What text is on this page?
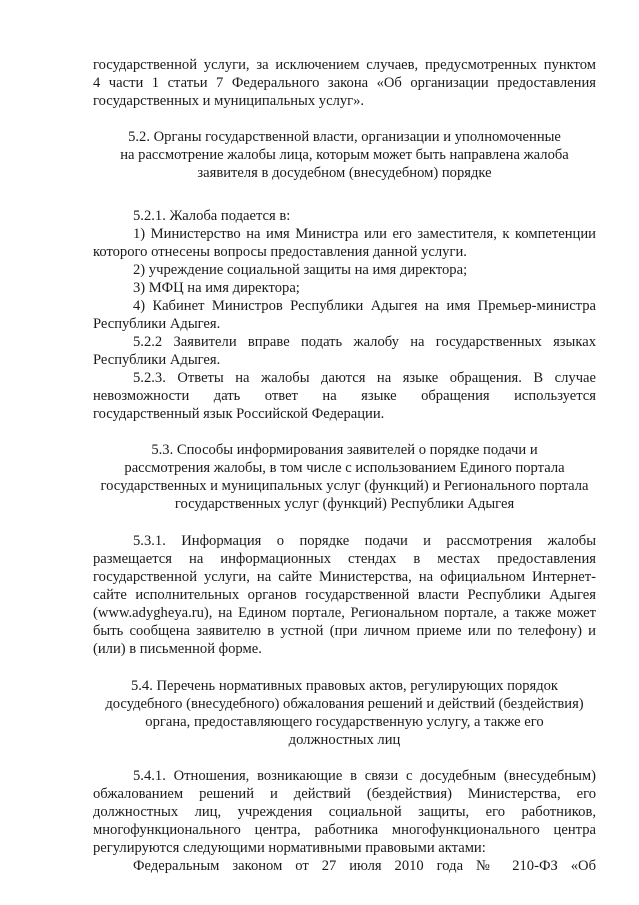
государственной услуги, за исключением случаев, предусмотренных пунктом
4 части 1 статьи 7 Федерального закона «Об организации предоставления
государственных и муниципальных услуг».
5.2. Органы государственной власти, организации и уполномоченные
на рассмотрение жалобы лица, которым может быть направлена жалоба
заявителя в досудебном (внесудебном) порядке
5.2.1. Жалоба подается в:
1) Министерство на имя Министра или его заместителя, к компетенции
которого отнесены вопросы предоставления данной услуги.
2) учреждение социальной защиты на имя директора;
3) МФЦ на имя директора;
4) Кабинет Министров Республики Адыгея на имя Премьер-министра
Республики Адыгея.
5.2.2 Заявители вправе подать жалобу на государственных языках
Республики Адыгея.
5.2.3. Ответы на жалобы даются на языке обращения. В случае
невозможности дать ответ на языке обращения используется
государственный язык Российской Федерации.
5.3. Способы информирования заявителей о порядке подачи и
рассмотрения жалобы, в том числе с использованием Единого портала
государственных и муниципальных услуг (функций) и Регионального портала
государственных услуг (функций) Республики Адыгея
5.3.1. Информация о порядке подачи и рассмотрения жалобы
размещается на информационных стендах в местах предоставления
государственной услуги, на сайте Министерства, на официальном Интернет-
сайте исполнительных органов государственной власти Республики Адыгея
(www.adygheya.ru), на Едином портале, Региональном портале, а также может
быть сообщена заявителю в устной (при личном приеме или по телефону) и
(или) в письменной форме.
5.4. Перечень нормативных правовых актов, регулирующих порядок
досудебного (внесудебного) обжалования решений и действий (бездействия)
органа, предоставляющего государственную услугу, а также его
должностных лиц
5.4.1. Отношения, возникающие в связи с досудебным (внесудебным)
обжалованием решений и действий (бездействия) Министерства, его
должностных лиц, учреждения социальной защиты, его работников,
многофункционального центра, работника многофункционального центра
регулируются следующими нормативными правовыми актами:
Федеральным законом от 27 июля 2010 года № 210-ФЗ «Об
